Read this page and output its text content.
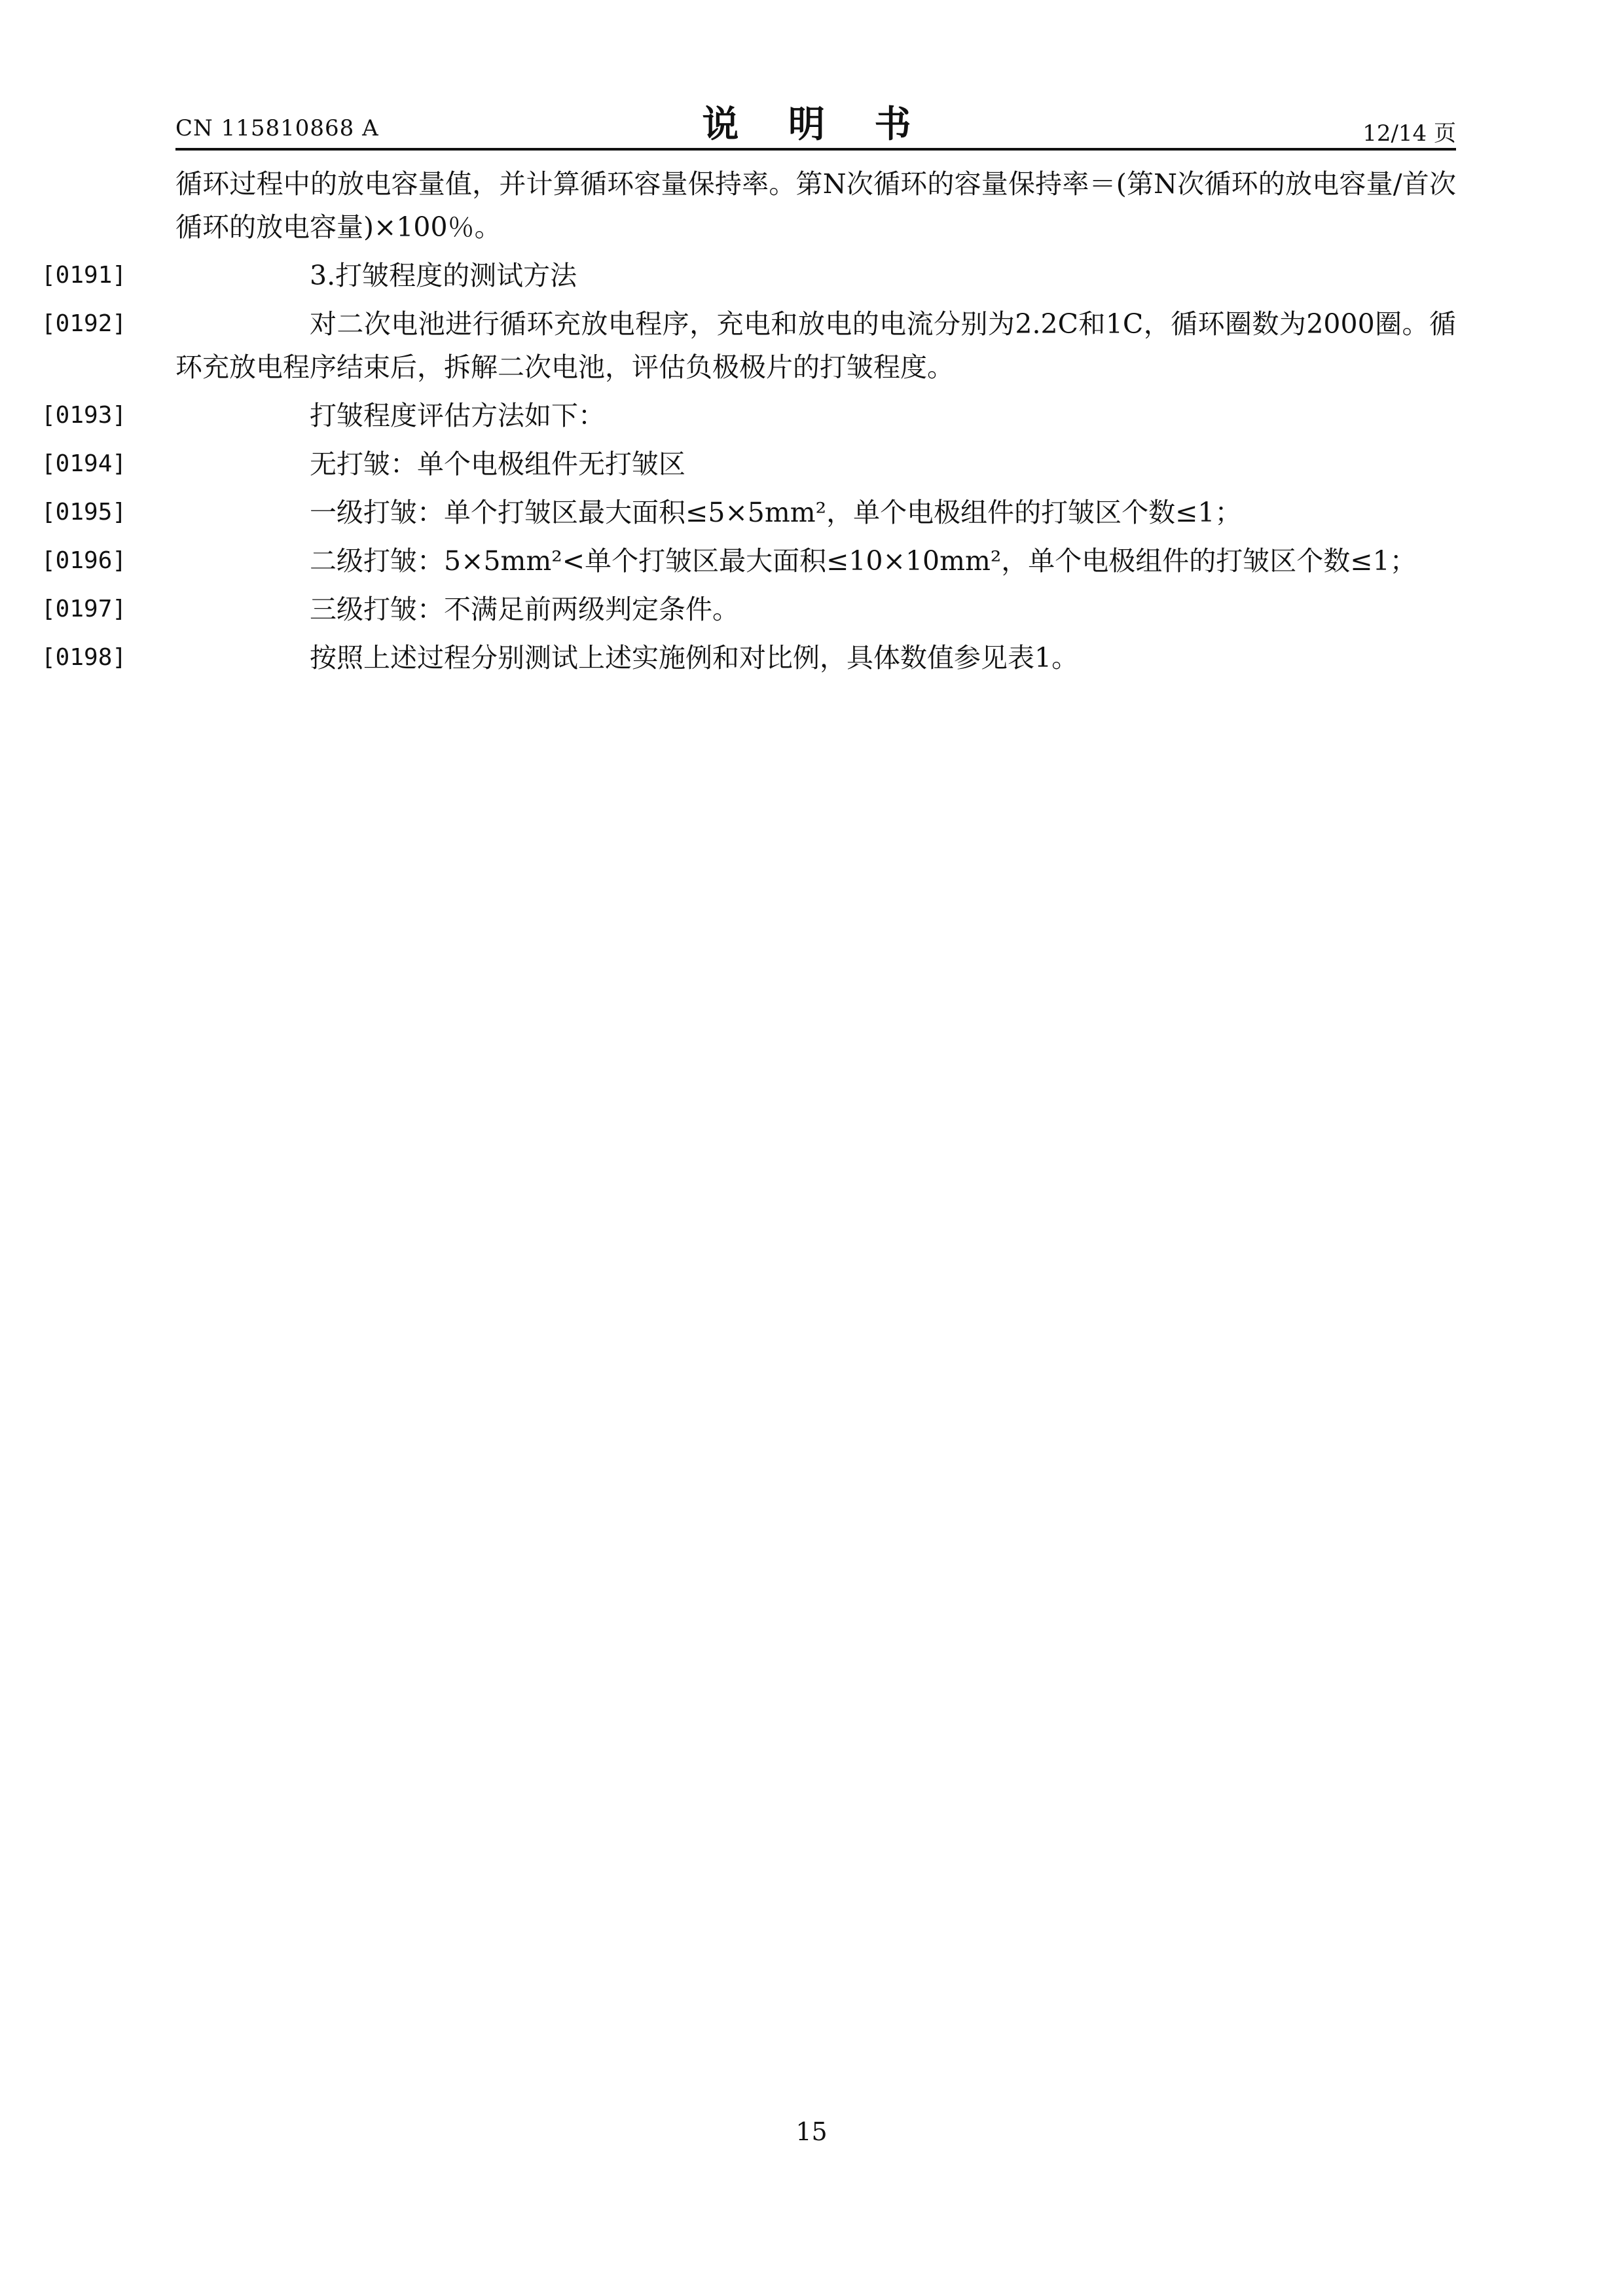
CN 115810868 A	说 明 书	12/14 页

循环过程中的放电容量值，并计算循环容量保持率。第N次循环的容量保持率＝(第N次循环的放电容量/首次循环的放电容量)×100％。

[0191]	3.打皱程度的测试方法

[0192]	对二次电池进行循环充放电程序，充电和放电的电流分别为2.2C和1C，循环圈数为2000圈。循环充放电程序结束后，拆解二次电池，评估负极极片的打皱程度。

[0193]	打皱程度评估方法如下：

[0194]	无打皱：单个电极组件无打皱区

[0195]	一级打皱：单个打皱区最大面积≤5×5mm²，单个电极组件的打皱区个数≤1；

[0196]	二级打皱：5×5mm²<单个打皱区最大面积≤10×10mm²，单个电极组件的打皱区个数≤1；

[0197]	三级打皱：不满足前两级判定条件。

[0198]	按照上述过程分别测试上述实施例和对比例，具体数值参见表1。

15
